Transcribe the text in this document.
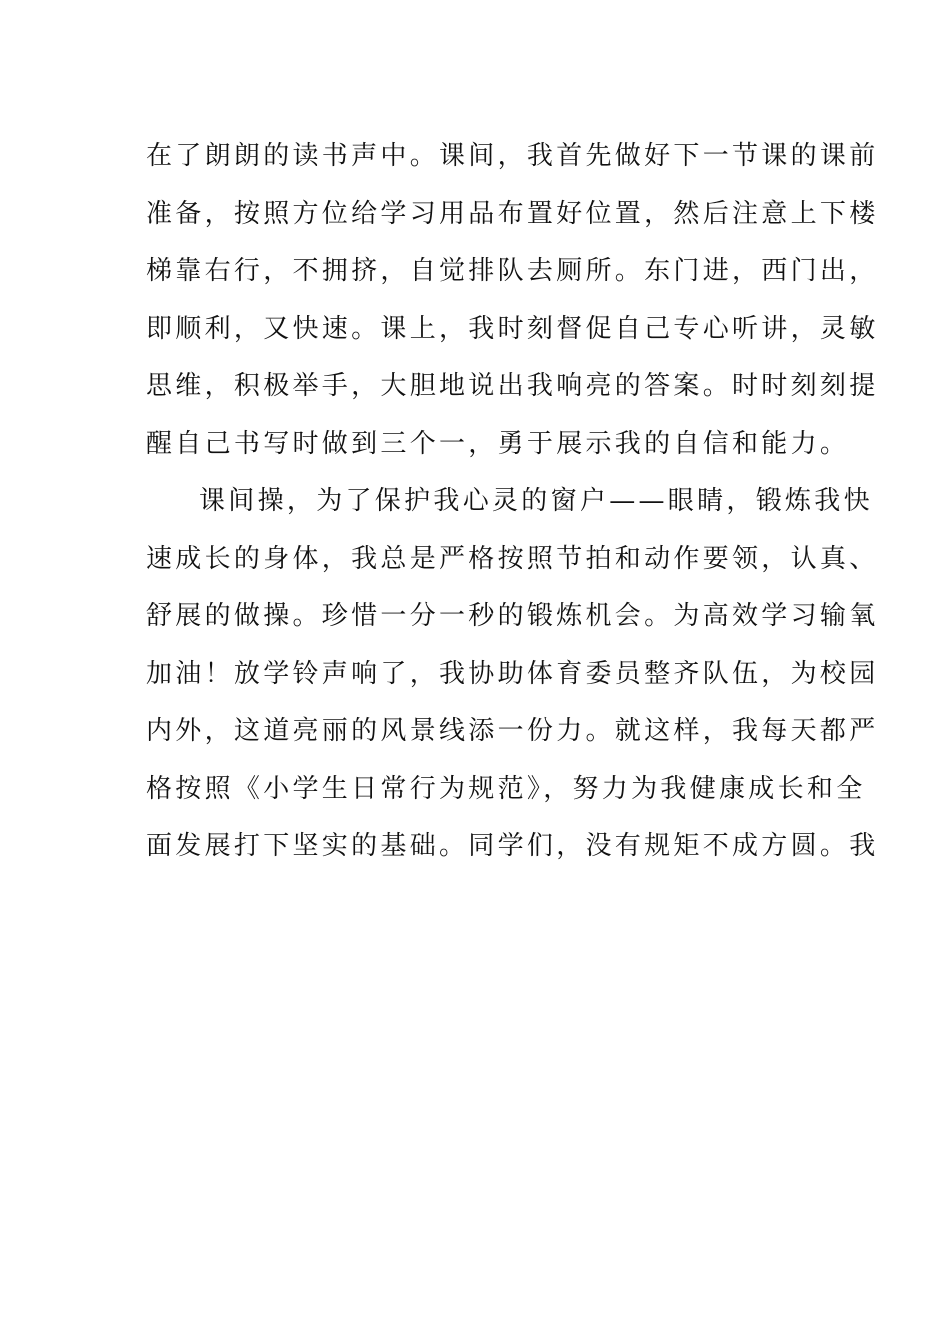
在了朗朗的读书声中。课间，我首先做好下一节课的课前
准备，按照方位给学习用品布置好位置，然后注意上下楼
梯靠右行，不拥挤，自觉排队去厕所。东门进，西门出，
即顺利，又快速。课上，我时刻督促自己专心听讲，灵敏
思维，积极举手，大胆地说出我响亮的答案。时时刻刻提
醒自己书写时做到三个一，勇于展示我的自信和能力。
课间操，为了保护我心灵的窗户——眼睛，锻炼我快
速成长的身体，我总是严格按照节拍和动作要领，认真、
舒展的做操。珍惜一分一秒的锻炼机会。为高效学习输氧
加油！放学铃声响了，我协助体育委员整齐队伍，为校园
内外，这道亮丽的风景线添一份力。就这样，我每天都严
格按照《小学生日常行为规范》，努力为我健康成长和全
面发展打下坚实的基础。同学们，没有规矩不成方圆。我
